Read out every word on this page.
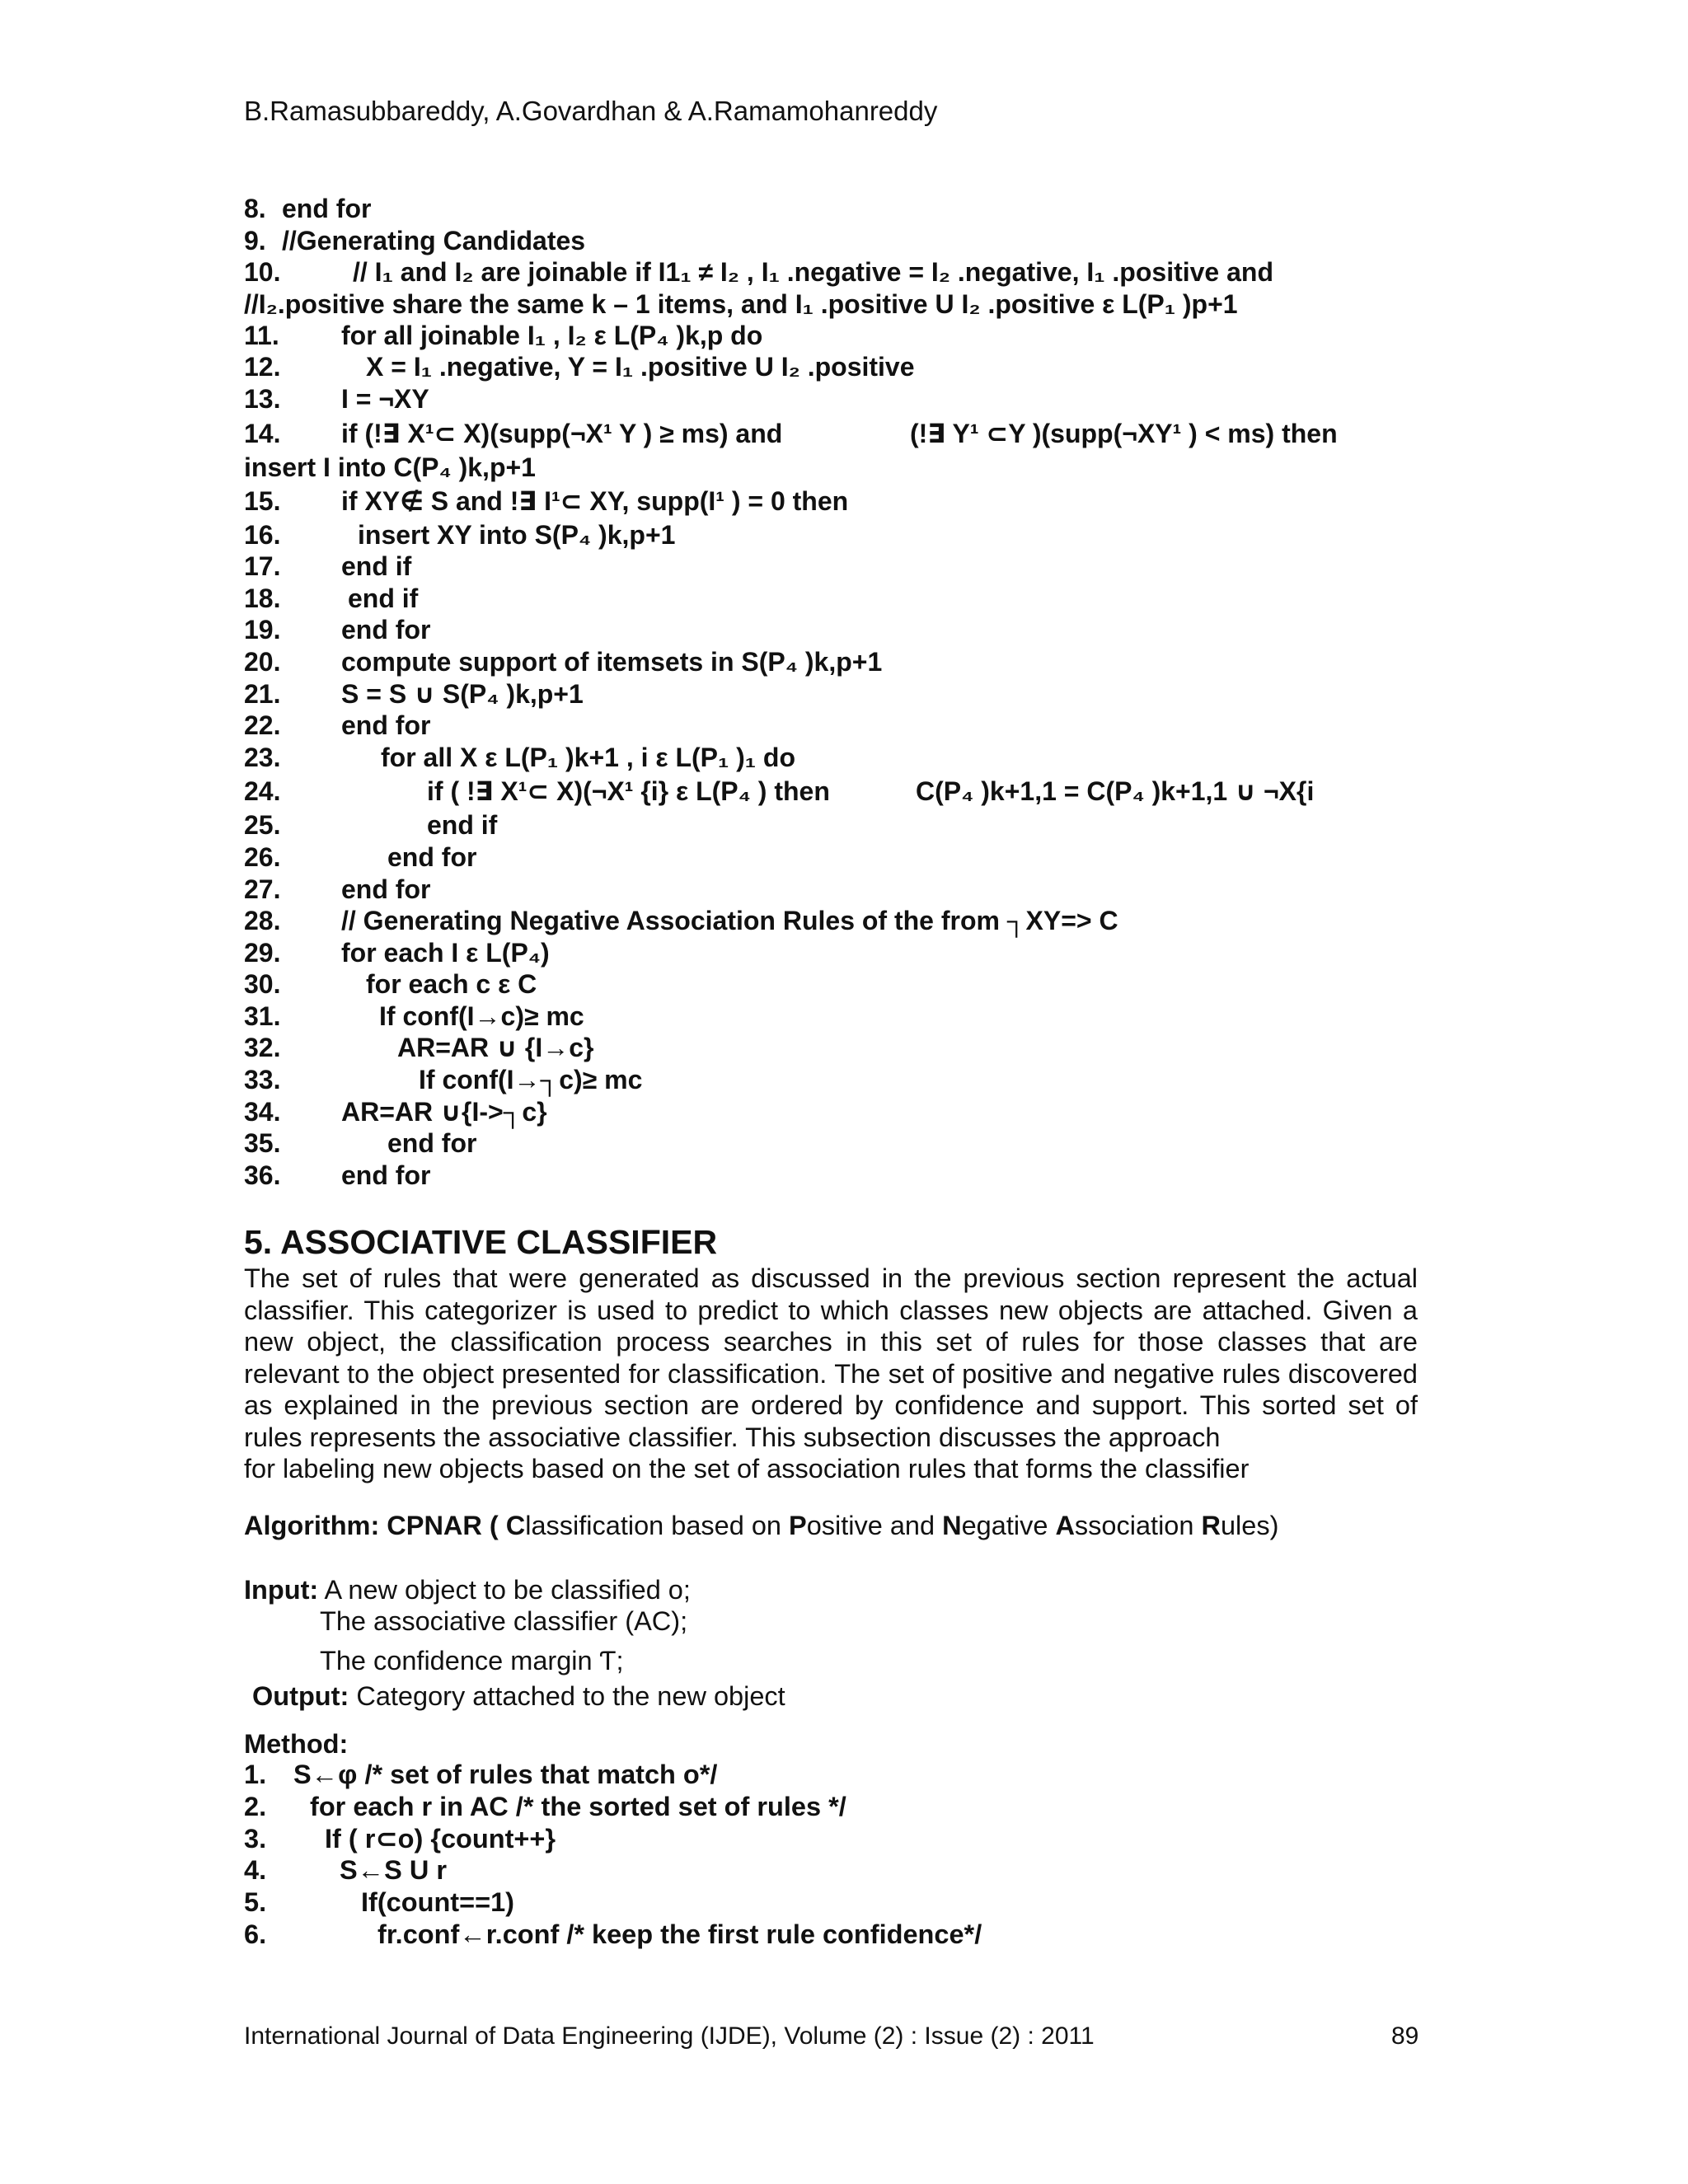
B.Ramasubbareddy, A.Govardhan & A.Ramamohanreddy
8. end for
9. //Generating Candidates
10.	// I₁ and I₂ are joinable if I1₁ ≠ I₂ , I₁ .negative = I₂ .negative, I₁ .positive and
//I₂.positive share the same k – 1 items, and I₁ .positive U I₂ .positive ε L(P₁ )p+1
11. for all joinable I₁ , I₂ ε L(P₄ )k,p do
12.	X = I₁ .negative, Y = I₁ .positive U I₂ .positive
13. I = ¬XY
14. if (!∃ X¹⊂ X)(supp(¬X¹ Y ) ≥ ms) and	(!∃ Y¹ ⊂Y )(supp(¬XY¹ ) < ms) then
insert I into C(P₄ )k,p+1
15. if XY∉ S and !∃ I¹⊂ XY, supp(I¹ ) = 0 then
16.	insert XY into S(P₄ )k,p+1
17. end if
18.	end if
19. end for
20. compute support of itemsets in S(P₄ )k,p+1
21. S = S ∪ S(P₄ )k,p+1
22. end for
23.	for all X ε L(P₁ )k+1 , i ε L(P₁ )₁ do
24.	if ( !∃ X¹⊂ X)(¬X¹ {i} ε L(P₄ ) then	C(P₄ )k+1,1 = C(P₄ )k+1,1 ∪ ¬X{i
25.	end if
26.	end for
27. end for
28. // Generating Negative Association Rules of the from ┐XY=> C
29. for each I ε L(P₄)
30.	for each c ε C
31.	If conf(I→c)≥ mc
32.	AR=AR ∪ {I→c}
33.	If conf(I→┐c)≥ mc
34. AR=AR ∪{I->┐c}
35.	end for
36. end for
5. ASSOCIATIVE CLASSIFIER
The set of rules that were generated as discussed in the previous section represent the actual classifier. This categorizer is used to predict to which classes new objects are attached. Given a new object, the classification process searches in this set of rules for those classes that are relevant to the object presented for classification. The set of positive and negative rules discovered as explained in the previous section are ordered by confidence and support. This sorted set of rules represents the associative classifier. This subsection discusses the approach
for labeling new objects based on the set of association rules that forms the classifier
Algorithm: CPNAR ( Classification based on Positive and Negative Association Rules)
Input: A new object to be classified o;
The associative classifier (AC);
The confidence margin Ƭ;
Output: Category attached to the new object
Method:
1. S←φ /* set of rules that match o*/
2. for each r in AC /* the sorted set of rules */
3. If ( r⊂o) {count++}
4.	S←S U r
5.	If(count==1)
6.	fr.conf←r.conf /* keep the first rule confidence*/
International Journal of Data Engineering (IJDE), Volume (2) : Issue (2) : 2011	89
